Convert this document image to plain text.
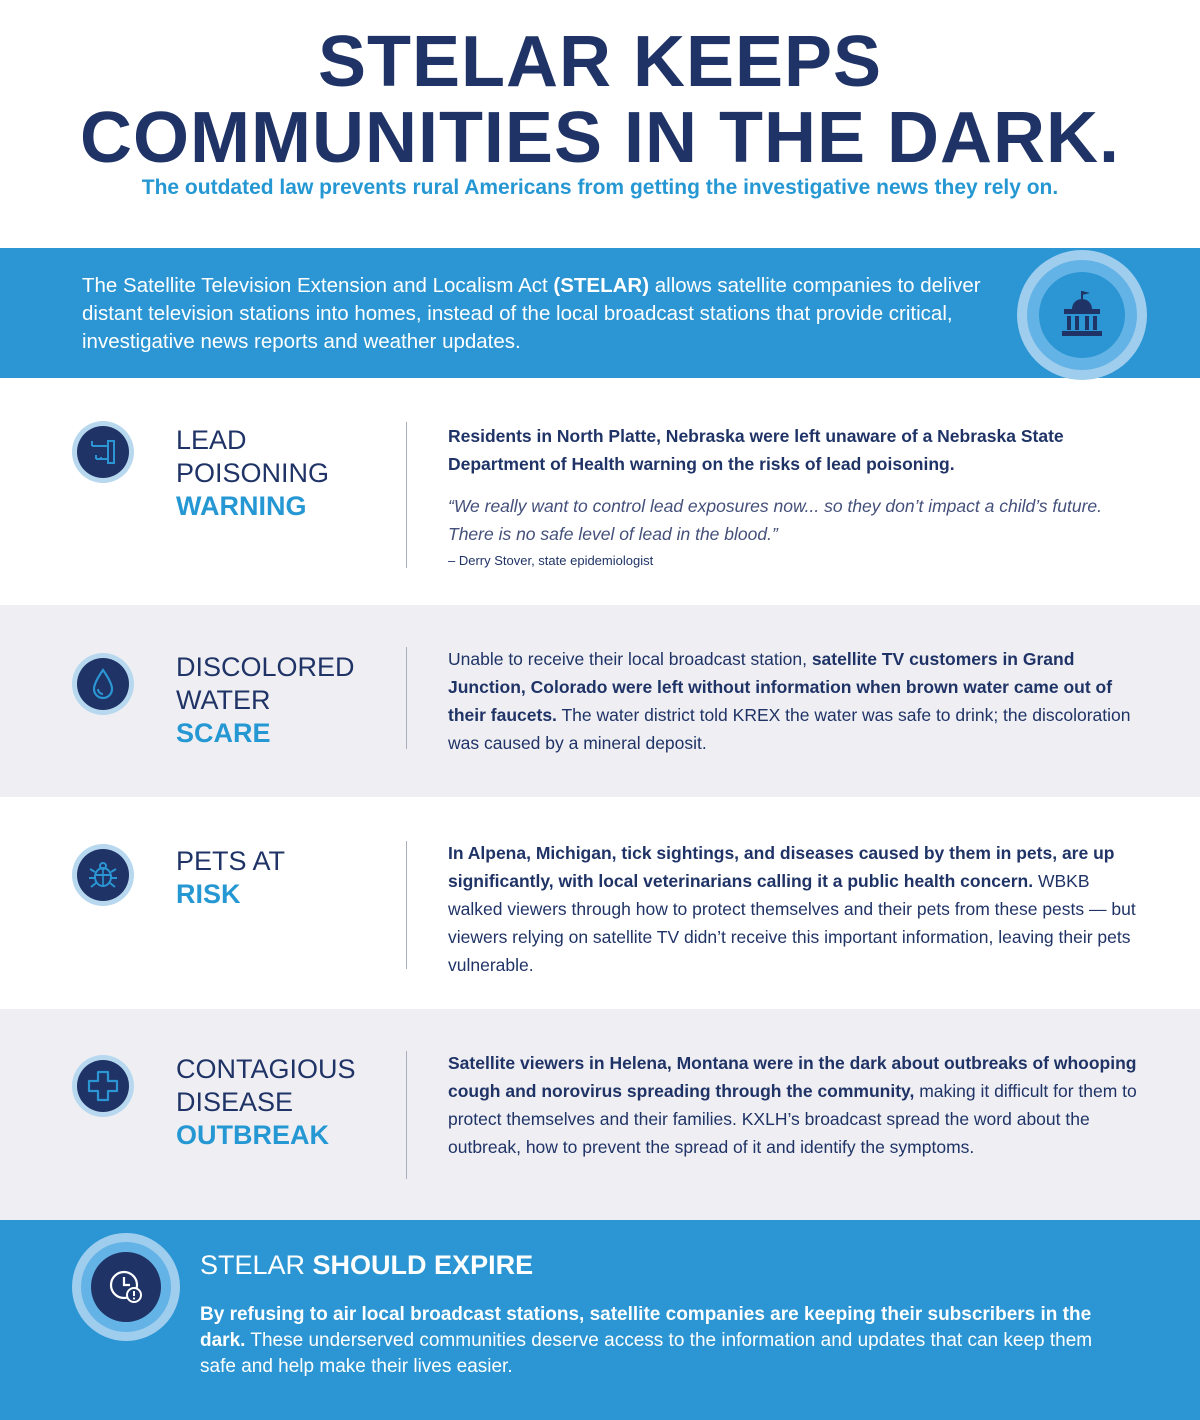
STELAR KEEPS
COMMUNITIES IN THE DARK.
The outdated law prevents rural Americans from getting the investigative news they rely on.
The Satellite Television Extension and Localism Act (STELAR) allows satellite companies to deliver distant television stations into homes, instead of the local broadcast stations that provide critical, investigative news reports and weather updates.
LEAD
POISONING
WARNING
Residents in North Platte, Nebraska were left unaware of a Nebraska State Department of Health warning on the risks of lead poisoning.
“We really want to control lead exposures now... so they don’t impact a child’s future. There is no safe level of lead in the blood.”
– Derry Stover, state epidemiologist
DISCOLORED
WATER
SCARE
Unable to receive their local broadcast station, satellite TV customers in Grand Junction, Colorado were left without information when brown water came out of their faucets. The water district told KREX the water was safe to drink; the discoloration was caused by a mineral deposit.
PETS AT
RISK
In Alpena, Michigan, tick sightings, and diseases caused by them in pets, are up significantly, with local veterinarians calling it a public health concern. WBKB walked viewers through how to protect themselves and their pets from these pests — but viewers relying on satellite TV didn’t receive this important information, leaving their pets vulnerable.
CONTAGIOUS
DISEASE
OUTBREAK
Satellite viewers in Helena, Montana were in the dark about outbreaks of whooping cough and norovirus spreading through the community, making it difficult for them to protect themselves and their families. KXLH’s broadcast spread the word about the outbreak, how to prevent the spread of it and identify the symptoms.
STELAR SHOULD EXPIRE
By refusing to air local broadcast stations, satellite companies are keeping their subscribers in the dark. These underserved communities deserve access to the information and updates that can keep them safe and help make their lives easier.
